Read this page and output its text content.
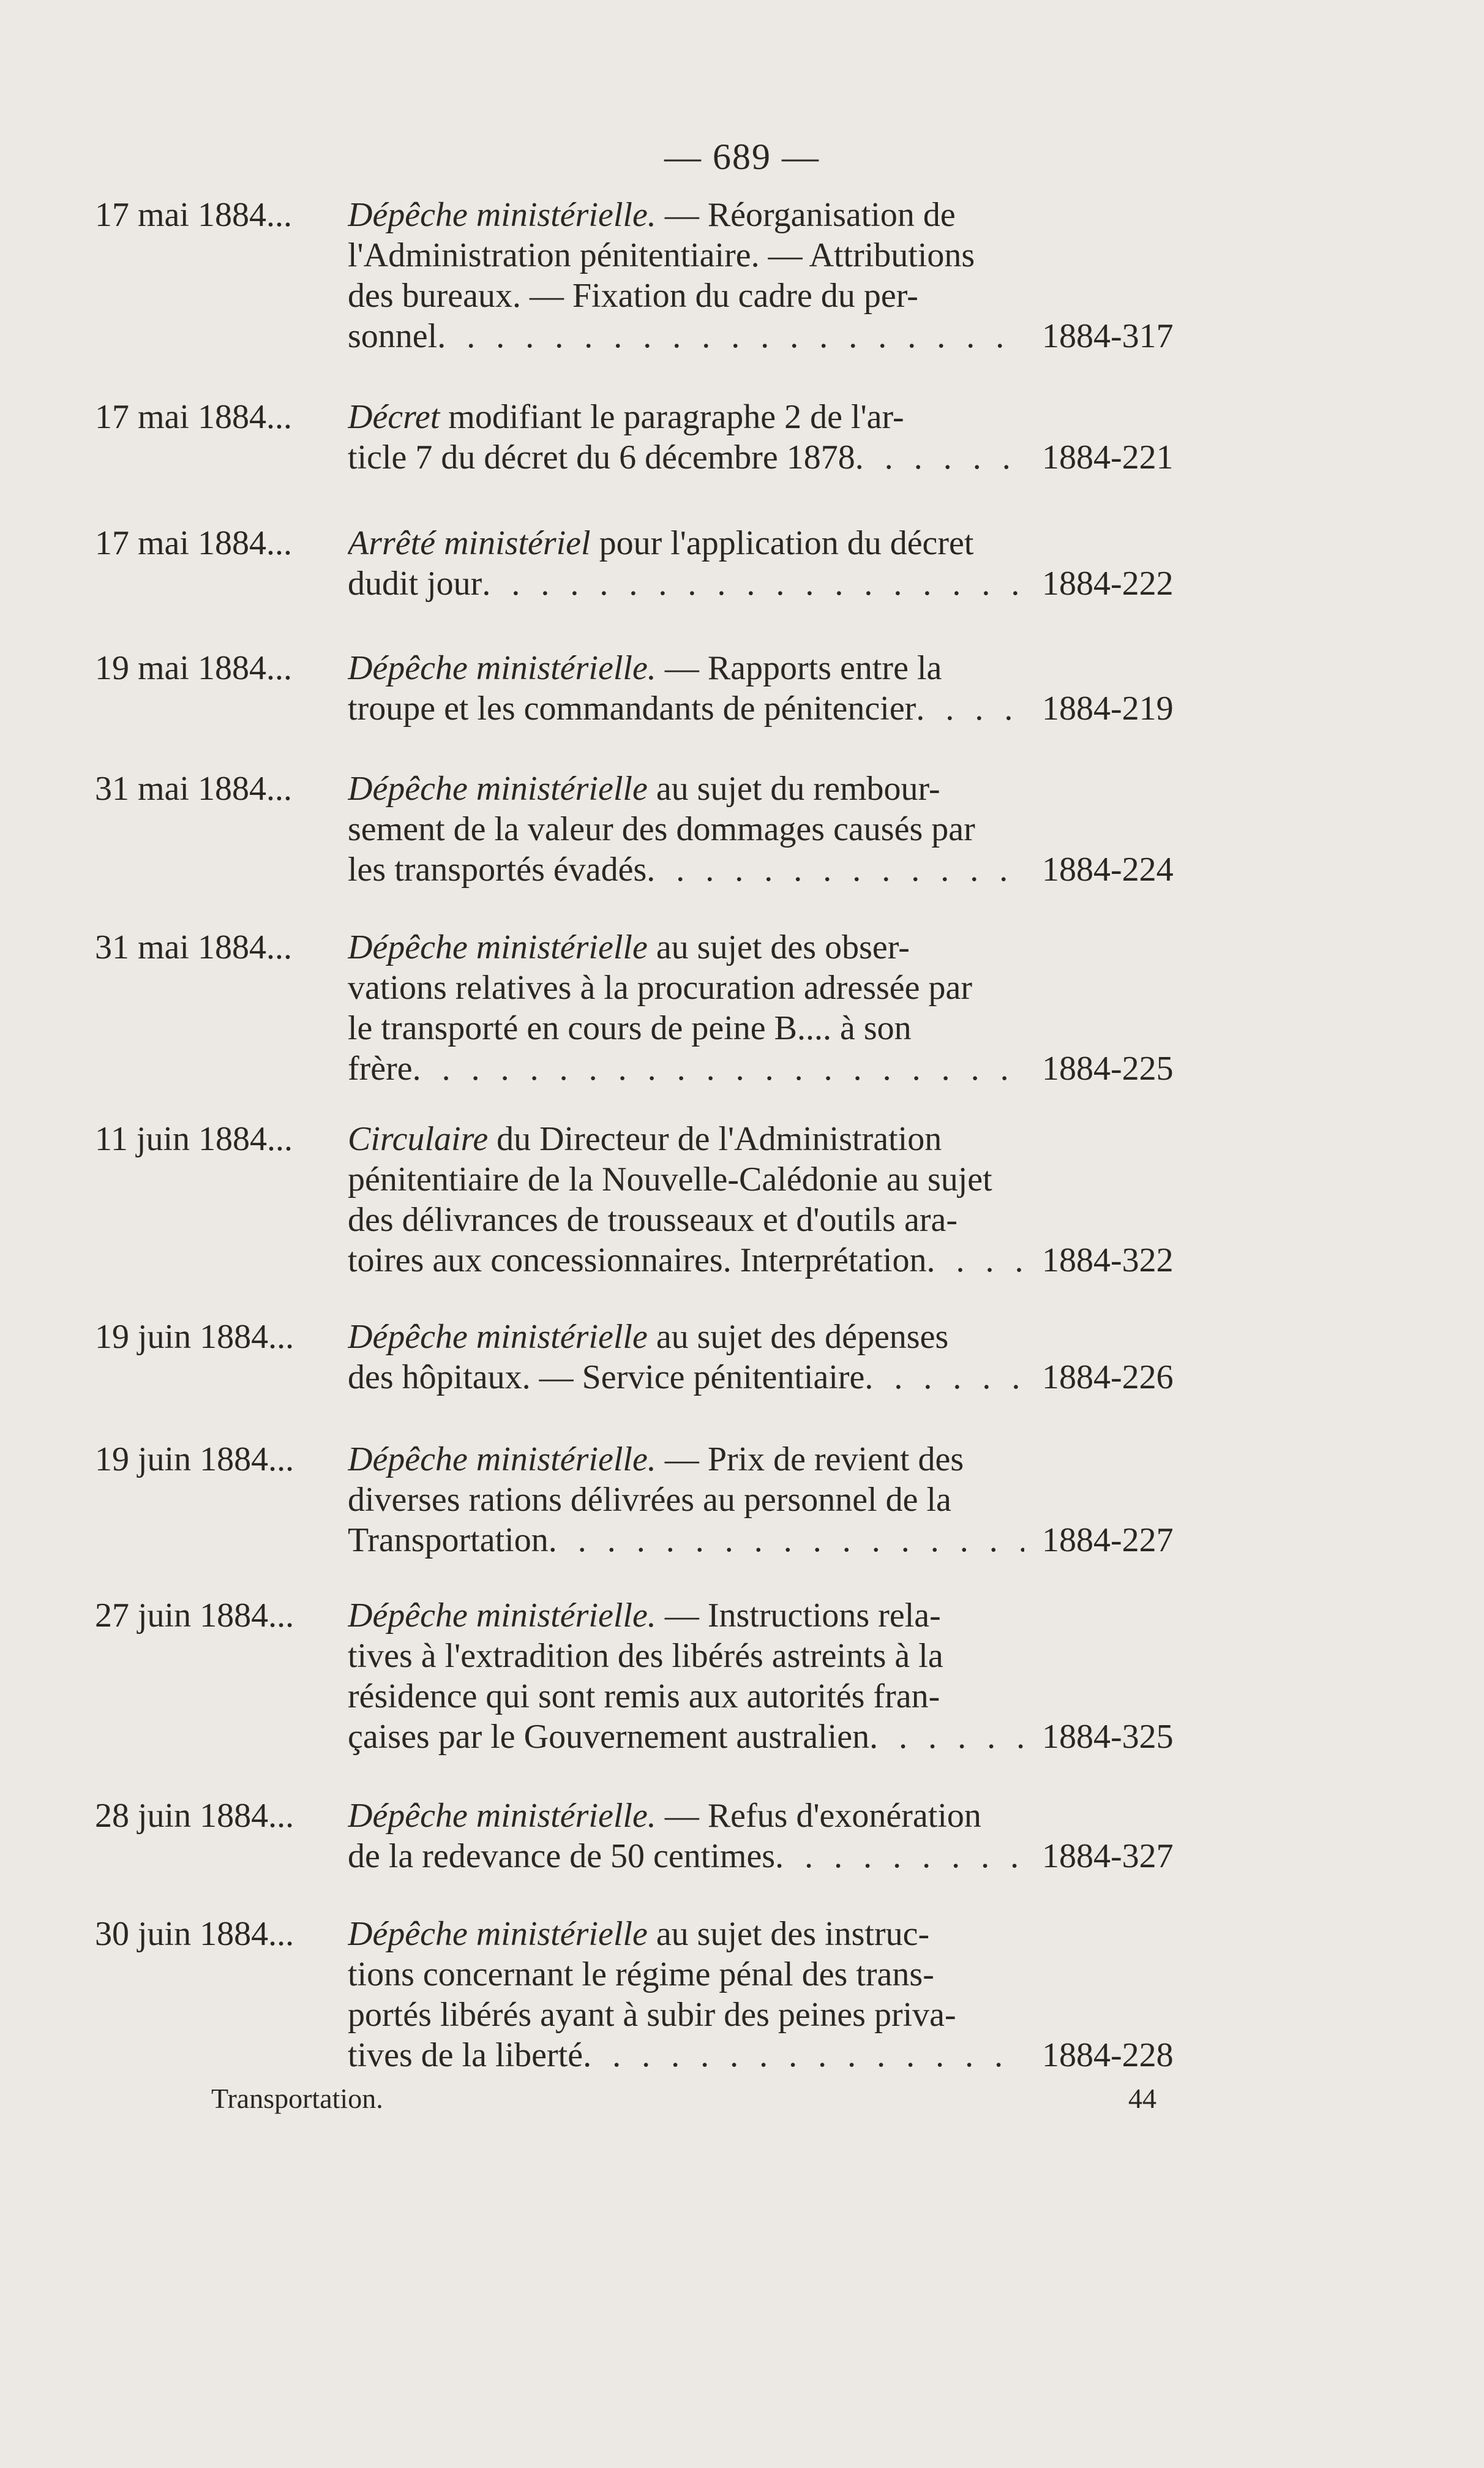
— 689 —
17 mai 1884...	Dépêche ministérielle. — Réorganisation de
l'Administration pénitentiaire. — Attributions
des bureaux. — Fixation du cadre du per-
sonnel . . .	1884-317
17 mai 1884...	Décret modifiant le paragraphe 2 de l'ar-
ticle 7 du décret du 6 décembre 1878 . . .	1884-221
17 mai 1884...	Arrêté ministériel pour l'application du décret
dudit jour . . .	1884-222
19 mai 1884...	Dépêche ministérielle. — Rapports entre la
troupe et les commandants de pénitencier . . .	1884-219
31 mai 1884...	Dépêche ministérielle au sujet du rembour-
sement de la valeur des dommages causés par
les transportés évadés . . .	1884-224
31 mai 1884...	Dépêche ministérielle au sujet des obser-
vations relatives à la procuration adressée par
le transporté en cours de peine B.... à son
frère . . .	1884-225
11 juin 1884...	Circulaire du Directeur de l'Administration
pénitentiaire de la Nouvelle-Calédonie au sujet
des délivrances de trousseaux et d'outils ara-
toires aux concessionnaires. Interprétation . . .	1884-322
19 juin 1884...	Dépêche ministérielle au sujet des dépenses
des hôpitaux. — Service pénitentiaire . . .	1884-226
19 juin 1884...	Dépêche ministérielle. — Prix de revient des
diverses rations délivrées au personnel de la
Transportation . . .	1884-227
27 juin 1884...	Dépêche ministérielle. — Instructions rela-
tives à l'extradition des libérés astreints à la
résidence qui sont remis aux autorités fran-
çaises par le Gouvernement australien . . .	1884-325
28 juin 1884...	Dépêche ministérielle. — Refus d'exonération
de la redevance de 50 centimes . . .	1884-327
30 juin 1884...	Dépêche ministérielle au sujet des instruc-
tions concernant le régime pénal des trans-
portés libérés ayant à subir des peines priva-
tives de la liberté . . .	1884-228
Transportation.	44
